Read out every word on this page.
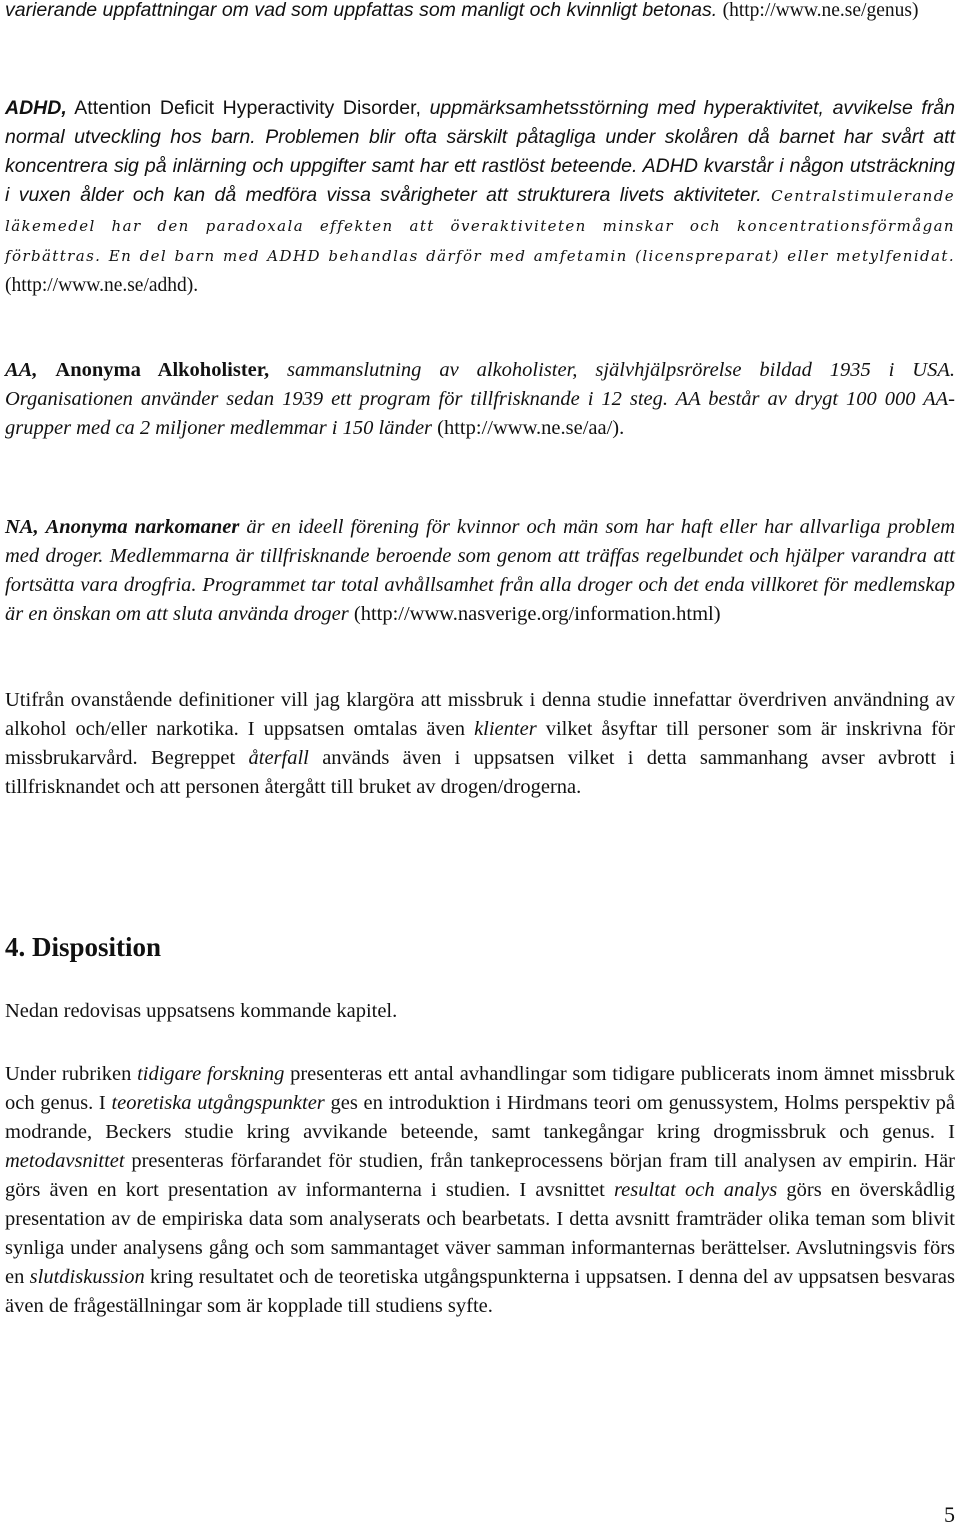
varierande uppfattningar om vad som uppfattas som manligt och kvinnligt betonas. (http://www.ne.se/genus)

ADHD, Attention Deficit Hyperactivity Disorder, uppmärksamhetsstörning med hyperaktivitet, avvikelse från normal utveckling hos barn. Problemen blir ofta särskilt påtagliga under skolåren då barnet har svårt att koncentrera sig på inlärning och uppgifter samt har ett rastlöst beteende. ADHD kvarstår i någon utsträckning i vuxen ålder och kan då medföra vissa svårigheter att strukturera livets aktiviteter. Centralstimulerande läkemedel har den paradoxala effekten att överaktiviteten minskar och koncentrationsförmågan förbättras. En del barn med ADHD behandlas därför med amfetamin (licenspreparat) eller metylfenidat. (http://www.ne.se/adhd).

AA, Anonyma Alkoholister, sammanslutning av alkoholister, självhjälpsrörelse bildad 1935 i USA. Organisationen använder sedan 1939 ett program för tillfrisknande i 12 steg. AA består av drygt 100 000 AA-grupper med ca 2 miljoner medlemmar i 150 länder (http://www.ne.se/aa/).

NA, Anonyma narkomaner är en ideell förening för kvinnor och män som har haft eller har allvarliga problem med droger. Medlemmarna är tillfrisknande beroende som genom att träffas regelbundet och hjälper varandra att fortsätta vara drogfria. Programmet tar total avhållsamhet från alla droger och det enda villkoret för medlemskap är en önskan om att sluta använda droger (http://www.nasverige.org/information.html)

Utifrån ovanstående definitioner vill jag klargöra att missbruk i denna studie innefattar överdriven användning av alkohol och/eller narkotika. I uppsatsen omtalas även klienter vilket åsyftar till personer som är inskrivna för missbrukarvård. Begreppet återfall används även i uppsatsen vilket i detta sammanhang avser avbrott i tillfrisknandet och att personen återgått till bruket av drogen/drogerna.

4. Disposition

Nedan redovisas uppsatsens kommande kapitel.

Under rubriken tidigare forskning presenteras ett antal avhandlingar som tidigare publicerats inom ämnet missbruk och genus. I teoretiska utgångspunkter ges en introduktion i Hirdmans teori om genussystem, Holms perspektiv på modrande, Beckers studie kring avvikande beteende, samt tankegångar kring drogmissbruk och genus. I metodavsnittet presenteras förfarandet för studien, från tankeprocessens början fram till analysen av empirin. Här görs även en kort presentation av informanterna i studien. I avsnittet resultat och analys görs en överskådlig presentation av de empiriska data som analyserats och bearbetats. I detta avsnitt framträder olika teman som blivit synliga under analysens gång och som sammantaget väver samman informanternas berättelser. Avslutningsvis förs en slutdiskussion kring resultatet och de teoretiska utgångspunkterna i uppsatsen. I denna del av uppsatsen besvaras även de frågeställningar som är kopplade till studiens syfte.

5
